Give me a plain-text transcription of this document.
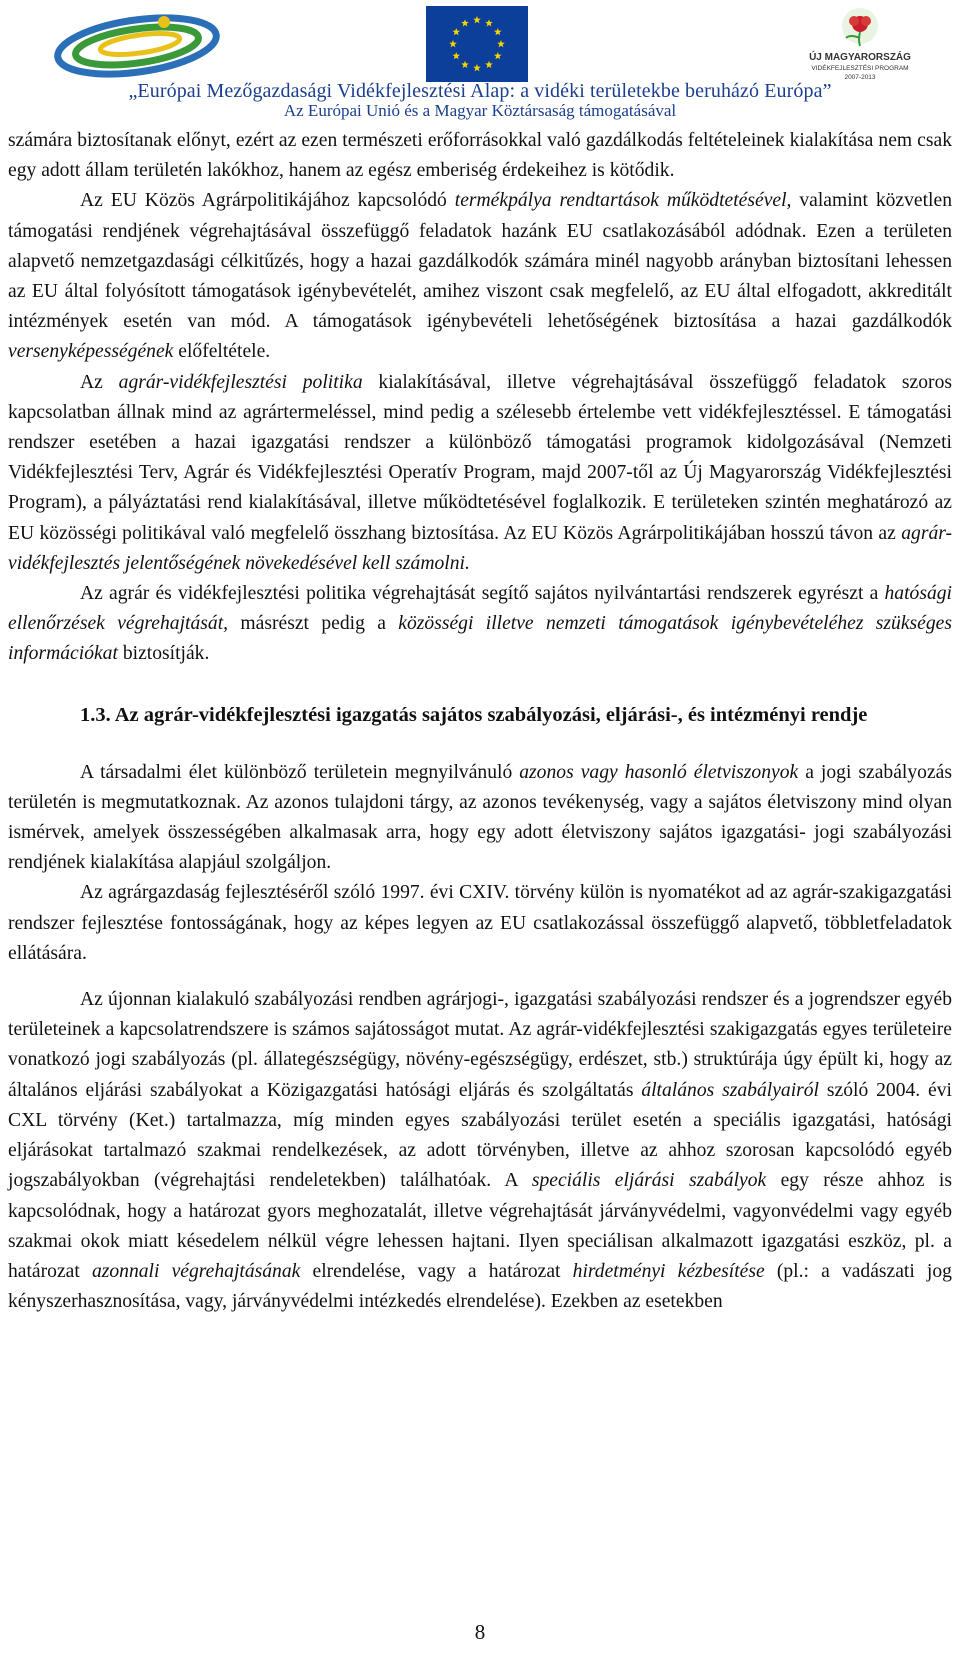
ÚJ MAGYARORSZÁG
VIDÉKFEJLESZTÉSI PROGRAM
2007-2013
„Európai Mezőgazdasági Vidékfejlesztési Alap: a vidéki területekbe beruházó Európa”
Az Európai Unió és a Magyar Köztársaság támogatásával

számára biztosítanak előnyt, ezért az ezen természeti erőforrásokkal való gazdálkodás feltételeinek kialakítása nem csak egy adott állam területén lakókhoz, hanem az egész emberiség érdekeihez is kötődik.

Az EU Közös Agrárpolitikájához kapcsolódó termékpálya rendtartások működtetésével, valamint közvetlen támogatási rendjének végrehajtásával összefüggő feladatok hazánk EU csatlakozásából adódnak. Ezen a területen alapvető nemzetgazdasági célkitűzés, hogy a hazai gazdálkodók számára minél nagyobb arányban biztosítani lehessen az EU által folyósított támogatások igénybevételét, amihez viszont csak megfelelő, az EU által elfogadott, akkreditált intézmények esetén van mód. A támogatások igénybevételi lehetőségének biztosítása a hazai gazdálkodók versenyképességének előfeltétele.

Az agrár-vidékfejlesztési politika kialakításával, illetve végrehajtásával összefüggő feladatok szoros kapcsolatban állnak mind az agrártermeléssel, mind pedig a szélesebb értelembe vett vidékfejlesztéssel. E támogatási rendszer esetében a hazai igazgatási rendszer a különböző támogatási programok kidolgozásával (Nemzeti Vidékfejlesztési Terv, Agrár és Vidékfejlesztési Operatív Program, majd 2007-től az Új Magyarország Vidékfejlesztési Program), a pályáztatási rend kialakításával, illetve működtetésével foglalkozik. E területeken szintén meghatározó az EU közösségi politikával való megfelelő összhang biztosítása. Az EU Közös Agrárpolitikájában hosszú távon az agrár-vidékfejlesztés jelentőségének növekedésével kell számolni.

Az agrár és vidékfejlesztési politika végrehajtását segítő sajátos nyilvántartási rendszerek egyrészt a hatósági ellenőrzések végrehajtását, másrészt pedig a közösségi illetve nemzeti támogatások igénybevételéhez szükséges információkat biztosítják.

1.3. Az agrár-vidékfejlesztési igazgatás sajátos szabályozási, eljárási-, és intézményi rendje

A társadalmi élet különböző területein megnyilvánuló azonos vagy hasonló életviszonyok a jogi szabályozás területén is megmutatkoznak. Az azonos tulajdoni tárgy, az azonos tevékenység, vagy a sajátos életviszony mind olyan ismérvek, amelyek összességében alkalmasak arra, hogy egy adott életviszony sajátos igazgatási- jogi szabályozási rendjének kialakítása alapjául szolgáljon.

Az agrárgazdaság fejlesztéséről szóló 1997. évi CXIV. törvény külön is nyomatékot ad az agrár-szakigazgatási rendszer fejlesztése fontosságának, hogy az képes legyen az EU csatlakozással összefüggő alapvető, többletfeladatok ellátására.

Az újonnan kialakuló szabályozási rendben agrárjogi-, igazgatási szabályozási rendszer és a jogrendszer egyéb területeinek a kapcsolatrendszere is számos sajátosságot mutat. Az agrár-vidékfejlesztési szakigazgatás egyes területeire vonatkozó jogi szabályozás (pl. állategészségügy, növény-egészségügy, erdészet, stb.) struktúrája úgy épült ki, hogy az általános eljárási szabályokat a Közigazgatási hatósági eljárás és szolgáltatás általános szabályairól szóló 2004. évi CXL törvény (Ket.) tartalmazza, míg minden egyes szabályozási terület esetén a speciális igazgatási, hatósági eljárásokat tartalmazó szakmai rendelkezések, az adott törvényben, illetve az ahhoz szorosan kapcsolódó egyéb jogszabályokban (végrehajtási rendeletekben) találhatóak. A speciális eljárási szabályok egy része ahhoz is kapcsolódnak, hogy a határozat gyors meghozatalát, illetve végrehajtását járványvédelmi, vagyonvédelmi vagy egyéb szakmai okok miatt késedelem nélkül végre lehessen hajtani. Ilyen speciálisan alkalmazott igazgatási eszköz, pl. a határozat azonnali végrehajtásának elrendelése, vagy a határozat hirdetményi kézbesítése (pl.: a vadászati jog kényszerhasznosítása, vagy, járványvédelmi intézkedés elrendelése). Ezekben az esetekben

8
